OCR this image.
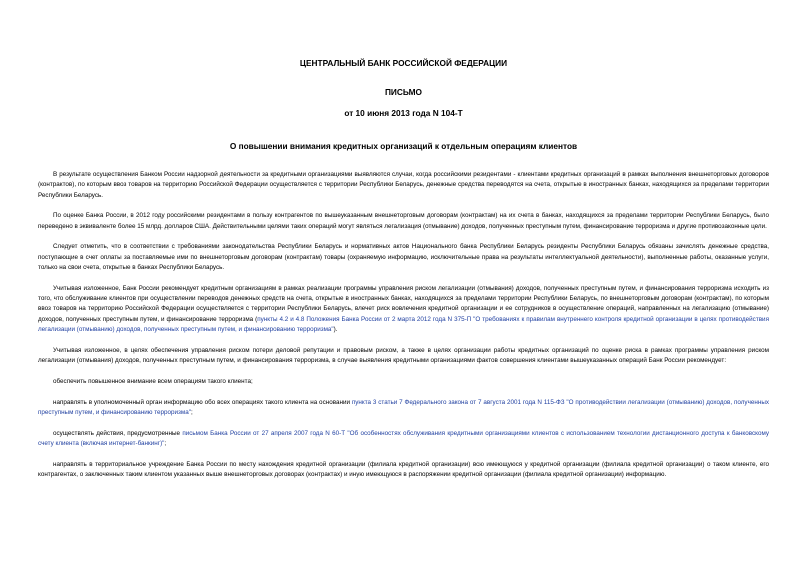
ЦЕНТРАЛЬНЫЙ БАНК РОССИЙСКОЙ ФЕДЕРАЦИИ
ПИСЬМО
от 10 июня 2013 года N 104-Т
О повышении внимания кредитных организаций к отдельным операциям клиентов

В результате осуществления Банком России надзорной деятельности за кредитными организациями выявляются случаи, когда российскими резидентами - клиентами кредитных организаций в рамках выполнения внешнеторговых договоров (контрактов), по которым ввоз товаров на территорию Российской Федерации осуществляется с территории Республики Беларусь, денежные средства переводятся на счета, открытые в иностранных банках, находящихся за пределами территории Республики Беларусь.

По оценке Банка России, в 2012 году российскими резидентами в пользу контрагентов по вышеуказанным внешнеторговым договорам (контрактам) на их счета в банках, находящихся за пределами территории Республики Беларусь, было переведено в эквиваленте более 15 млрд. долларов США. Действительными целями таких операций могут являться легализация (отмывание) доходов, полученных преступным путем, финансирование терроризма и другие противозаконные цели.

Следует отметить, что в соответствии с требованиями законодательства Республики Беларусь и нормативных актов Национального банка Республики Беларусь резиденты Республики Беларусь обязаны зачислять денежные средства, поступающие в счет оплаты за поставляемые ими по внешнеторговым договорам (контрактам) товары (охраняемую информацию, исключительные права на результаты интеллектуальной деятельности), выполненные работы, оказанные услуги, только на свои счета, открытые в банках Республики Беларусь.

Учитывая изложенное, Банк России рекомендует кредитным организациям в рамках реализации программы управления риском легализации (отмывания) доходов, полученных преступным путем, и финансирования терроризма исходить из того, что обслуживание клиентов при осуществлении переводов денежных средств на счета, открытые в иностранных банках, находящихся за пределами территории Республики Беларусь, по внешнеторговым договорам (контрактам), по которым ввоз товаров на территорию Российской Федерации осуществляется с территории Республики Беларусь, влечет риск вовлечения кредитной организации и ее сотрудников в осуществление операций, направленных на легализацию (отмывание) доходов, полученных преступным путем, и финансирование терроризма (пункты 4.2 и 4.8 Положения Банка России от 2 марта 2012 года N 375-П "О требованиях к правилам внутреннего контроля кредитной организации в целях противодействия легализации (отмыванию) доходов, полученных преступным путем, и финансированию терроризма").

Учитывая изложенное, в целях обеспечения управления риском потери деловой репутации и правовым риском, а также в целях организации работы кредитных организаций по оценке риска в рамках программы управления риском легализации (отмывания) доходов, полученных преступным путем, и финансирования терроризма, в случае выявления кредитными организациями фактов совершения клиентами вышеуказанных операций Банк России рекомендует:

обеспечить повышенное внимание всем операциям такого клиента;

направлять в уполномоченный орган информацию обо всех операциях такого клиента на основании пункта 3 статьи 7 Федерального закона от 7 августа 2001 года N 115-ФЗ "О противодействии легализации (отмыванию) доходов, полученных преступным путем, и финансированию терроризма";

осуществлять действия, предусмотренные письмом Банка России от 27 апреля 2007 года N 60-Т "Об особенностях обслуживания кредитными организациями клиентов с использованием технологии дистанционного доступа к банковскому счету клиента (включая интернет-банкинг)";

направлять в территориальное учреждение Банка России по месту нахождения кредитной организации (филиала кредитной организации) всю имеющуюся у кредитной организации (филиала кредитной организации) о таком клиенте, его контрагентах, о заключенных таким клиентом указанных выше внешнеторговых договорах (контрактах) и иную имеющуюся в распоряжении кредитной организации (филиала кредитной организации) информацию.
